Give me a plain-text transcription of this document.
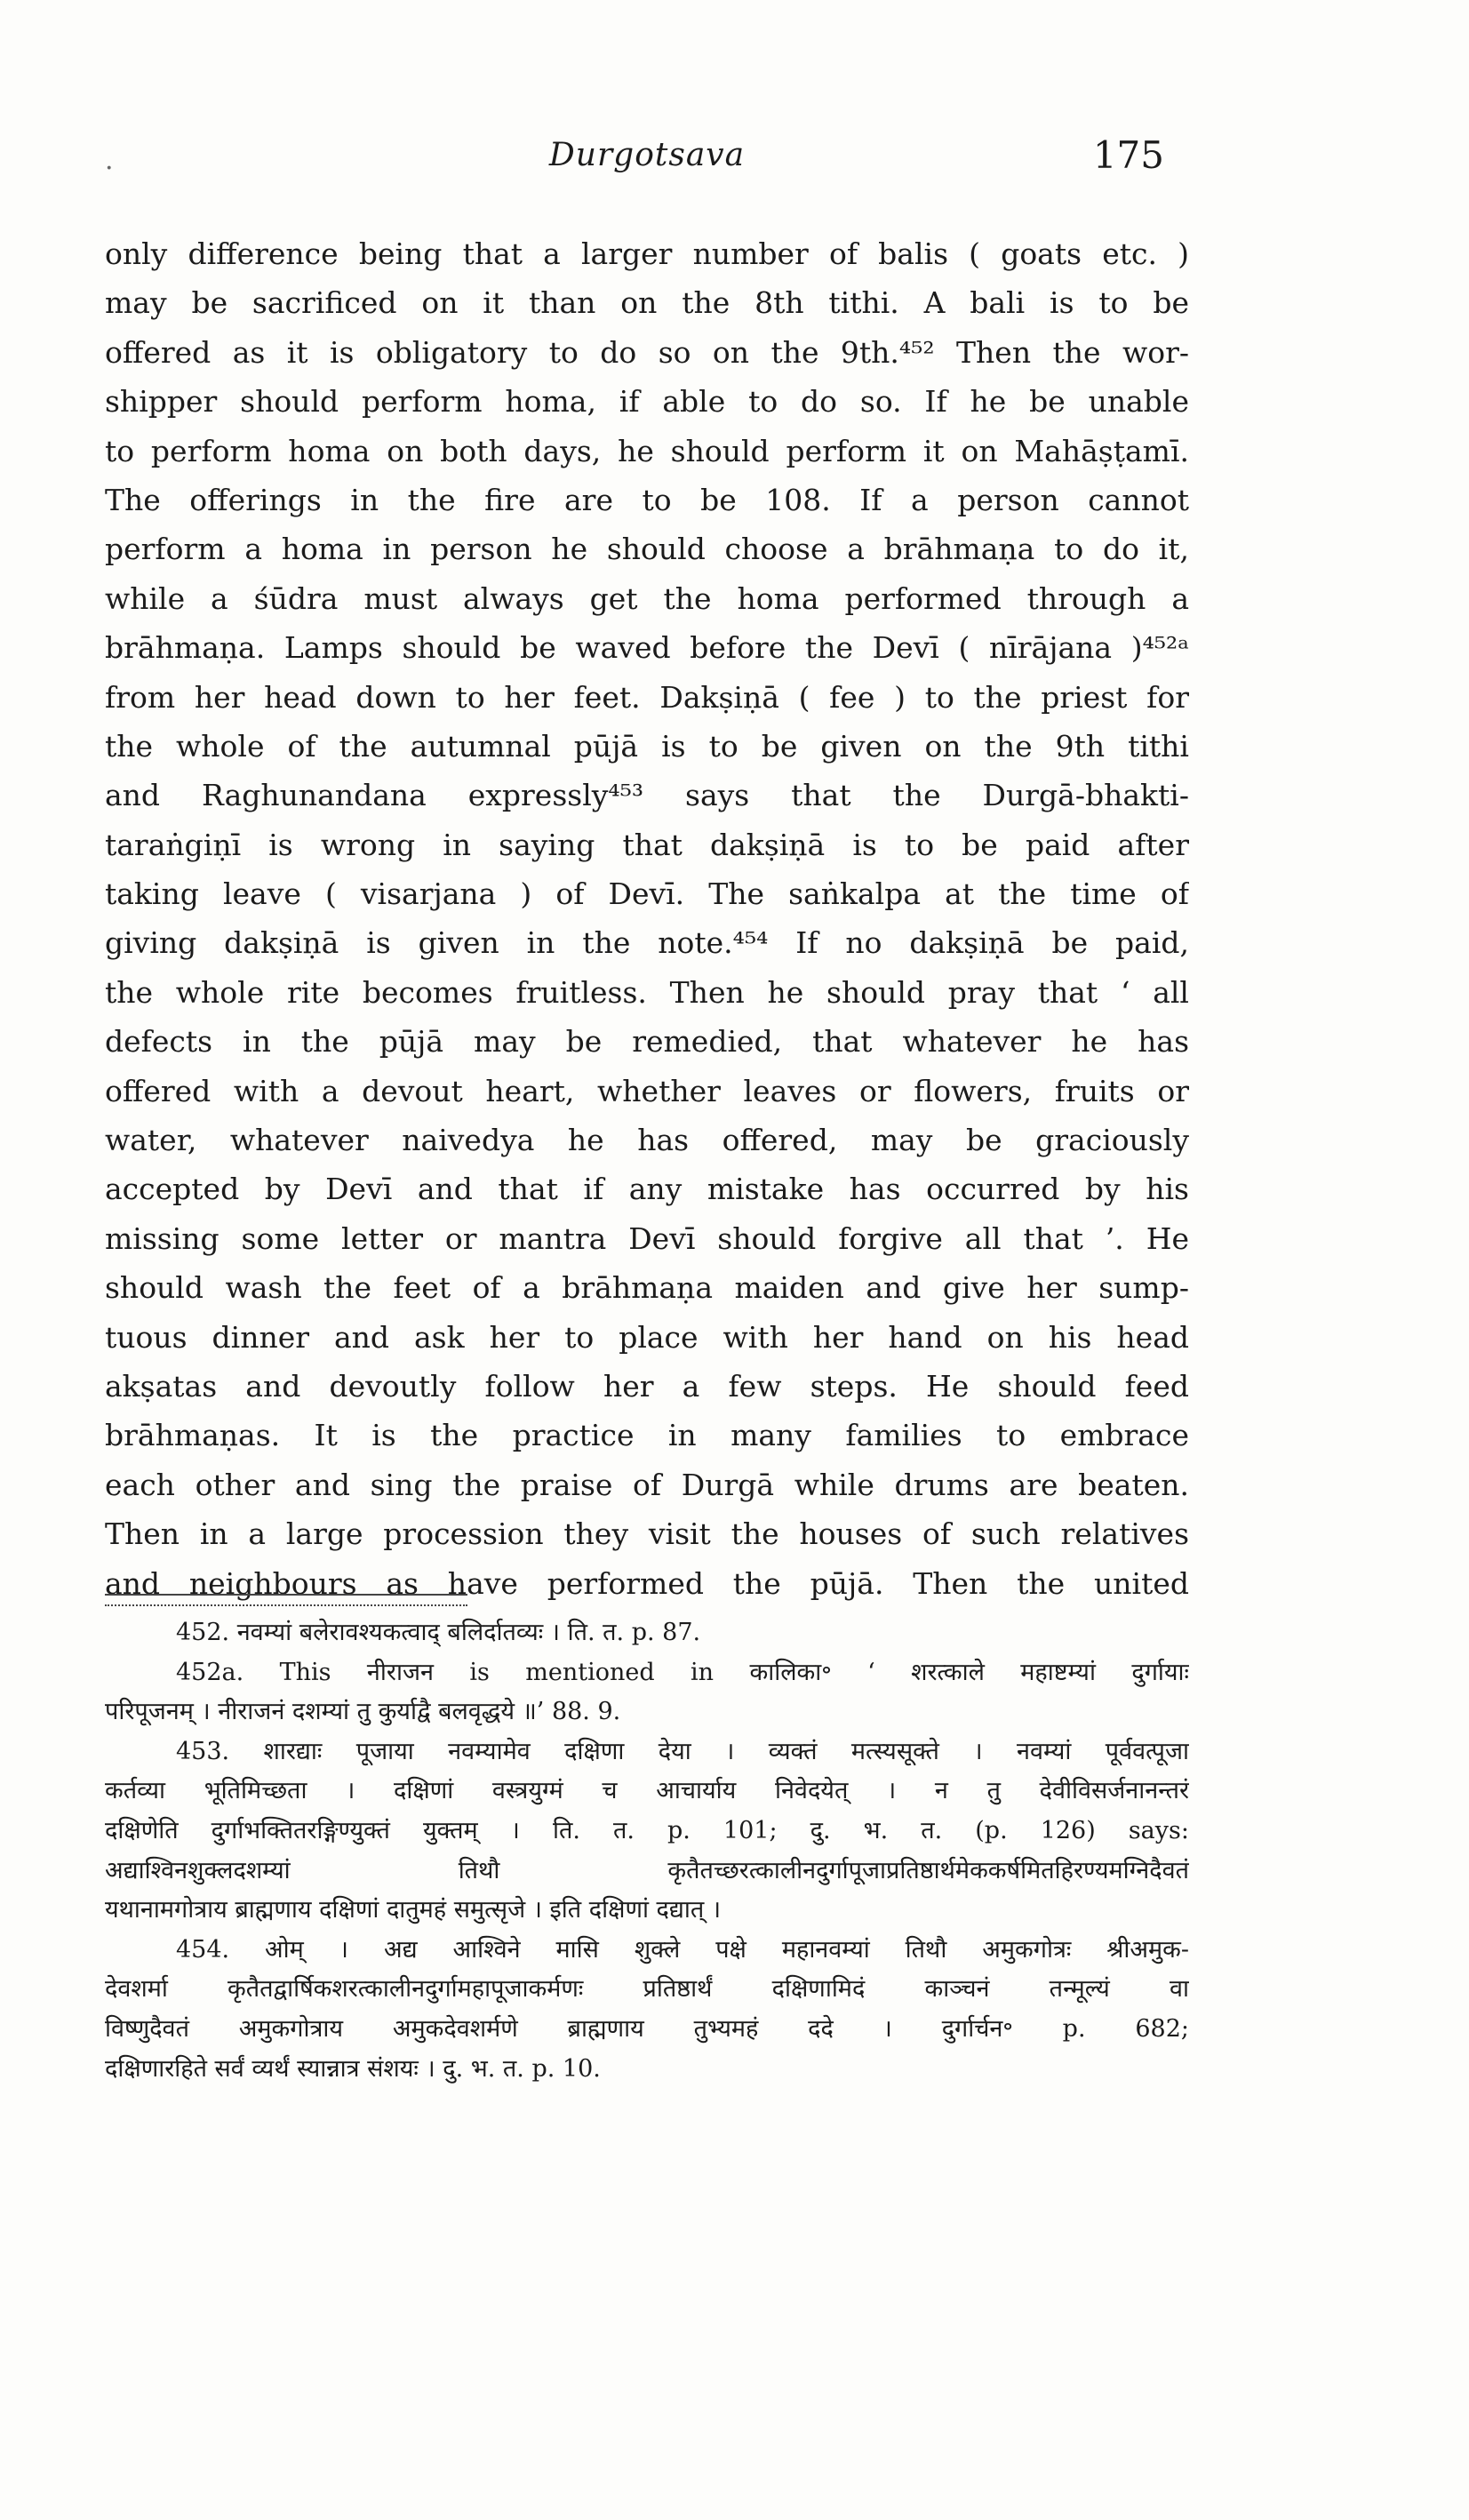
·	Durgotsava	175
only difference being that a larger number of balis ( goats etc. )
may be sacrificed on it than on the 8th tithi. A bali is to be
offered as it is obligatory to do so on the 9th.⁴⁵² Then the wor-
shipper should perform homa, if able to do so. If he be unable
to perform homa on both days, he should perform it on Mahāṣṭamī.
The offerings in the fire are to be 108. If a person cannot
perform a homa in person he should choose a brāhmaṇa to do it,
while a śūdra must always get the homa performed through a
brāhmaṇa. Lamps should be waved before the Devī ( nīrājana )⁴⁵²ᵃ
from her head down to her feet. Dakṣiṇā ( fee ) to the priest for
the whole of the autumnal pūjā is to be given on the 9th tithi
and Raghunandana expressly⁴⁵³ says that the Durgā-bhakti-
taraṅgiṇī is wrong in saying that dakṣiṇā is to be paid after
taking leave ( visarjana ) of Devī. The saṅkalpa at the time of
giving dakṣiṇā is given in the note.⁴⁵⁴ If no dakṣiṇā be paid,
the whole rite becomes fruitless. Then he should pray that ‘ all
defects in the pūjā may be remedied, that whatever he has
offered with a devout heart, whether leaves or flowers, fruits or
water, whatever naivedya he has offered, may be graciously
accepted by Devī and that if any mistake has occurred by his
missing some letter or mantra Devī should forgive all that ’. He
should wash the feet of a brāhmaṇa maiden and give her sump-
tuous dinner and ask her to place with her hand on his head
akṣatas and devoutly follow her a few steps. He should feed
brāhmaṇas. It is the practice in many families to embrace
each other and sing the praise of Durgā while drums are beaten.
Then in a large procession they visit the houses of such relatives
and neighbours as have performed the pūjā. Then the united
452. नवम्यां बलेरावश्यकत्वाद् बलिर्दातव्यः । ति. त. p. 87.
452a. This नीराजन is mentioned in कालिका॰ ‘ शरत्काले महाष्टम्यां दुर्गायाः
परिपूजनम् । नीराजनं दशम्यां तु कुर्याद्वै बलवृद्धये ॥’ 88. 9.
453. शारद्याः पूजाया नवम्यामेव दक्षिणा देया । व्यक्तं मत्स्यसूक्ते । नवम्यां पूर्ववत्पूजा
कर्तव्या भूतिमिच्छता । दक्षिणां वस्त्रयुग्मं च आचार्याय निवेदयेत् । न तु देवीविसर्जनानन्तरं
दक्षिणेति दुर्गाभक्तितरङ्गिण्युक्तं युक्तम् । ति. त. p. 101; दु. भ. त. (p. 126) says:
अद्याश्विनशुक्लदशम्यां तिथौ कृतैतच्छरत्कालीनदुर्गापूजाप्रतिष्ठार्थमेककर्षमितहिरण्यमग्निदैवतं
यथानामगोत्राय ब्राह्मणाय दक्षिणां दातुमहं समुत्सृजे । इति दक्षिणां दद्यात् ।
454. ओम् । अद्य आश्विने मासि शुक्ले पक्षे महानवम्यां तिथौ अमुकगोत्रः श्रीअमुक-
देवशर्मा कृतैतद्वार्षिकशरत्कालीनदुर्गामहापूजाकर्मणः प्रतिष्ठार्थं दक्षिणामिदं काञ्चनं तन्मूल्यं वा
विष्णुदैवतं अमुकगोत्राय अमुकदेवशर्मणे ब्राह्मणाय तुभ्यमहं ददे । दुर्गार्चन॰ p. 682;
दक्षिणारहिते सर्वं व्यर्थं स्यान्नात्र संशयः । दु. भ. त. p. 10.
